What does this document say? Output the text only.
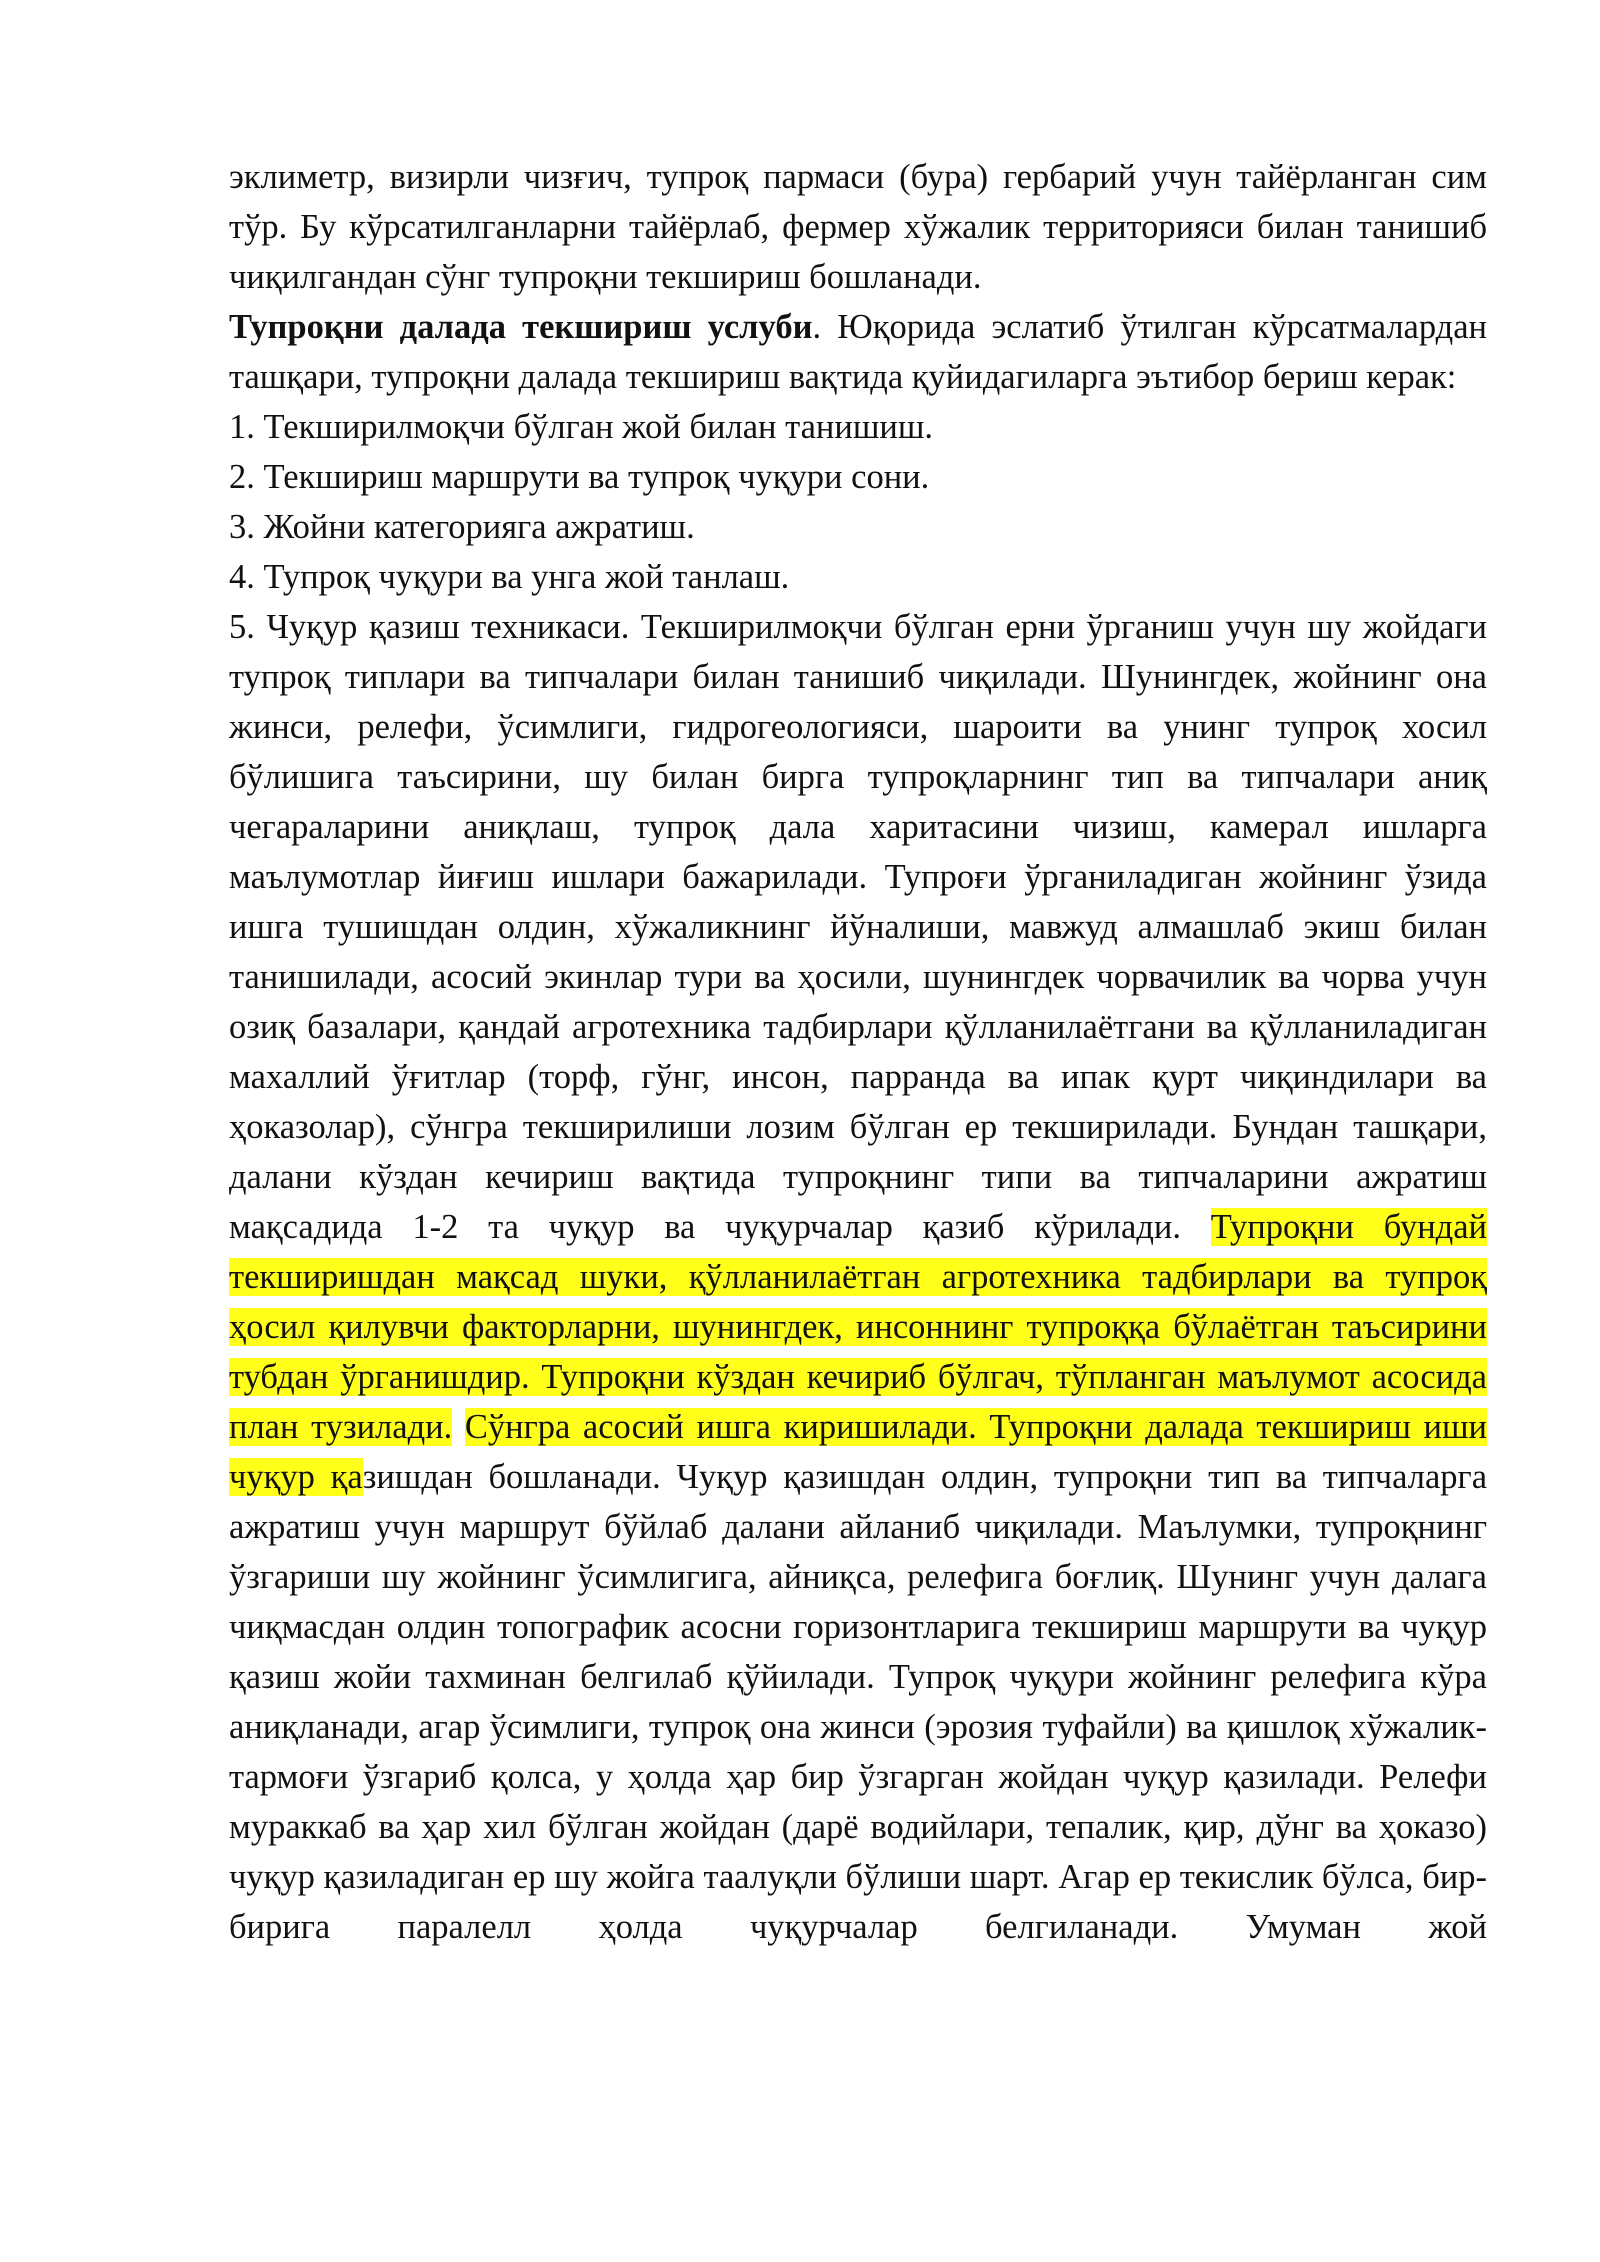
эклиметр, визирли чизғич, тупроқ пармаси (бура) гербарий учун тайёрланган сим тўр. Бу кўрсатилганларни тайёрлаб, фермер хўжалик территорияси билан танишиб чиқилгандан сўнг тупроқни текшириш бошланади.

Тупроқни далада текшириш услуби. Юқорида эслатиб ўтилган кўрсатмалардан ташқари, тупроқни далада текшириш вақтида қуйидагиларга эътибор бериш керак:

1. Текширилмоқчи бўлган жой билан танишиш.

2. Текшириш маршрути ва тупроқ чуқури сони.

3. Жойни категорияга ажратиш.

4. Тупроқ чуқури ва унга жой танлаш.

5. Чуқур қазиш техникаси. Текширилмоқчи бўлган ерни ўрганиш учун шу жойдаги тупроқ типлари ва типчалари билан танишиб чиқилади. Шунингдек, жойнинг она жинси, релефи, ўсимлиги, гидрогеологияси, шароити ва унинг тупроқ хосил бўлишига таъсирини, шу билан бирга тупроқларнинг тип ва типчалари аниқ чегараларини аниқлаш, тупроқ дала харитасини чизиш, камерал ишларга маълумотлар йиғиш ишлари бажарилади. Тупроғи ўрганиладиган жойнинг ўзида ишга тушишдан олдин, хўжаликнинг йўналиши, мавжуд алмашлаб экиш билан танишилади, асосий экинлар тури ва ҳосили, шунингдек чорвачилик ва чорва учун озиқ базалари, қандай агротехника тадбирлари қўлланилаётгани ва қўлланиладиган махаллий ўғитлар (торф, гўнг, инсон, парранда ва ипак қурт чиқиндилари ва ҳоказолар), сўнгра текширилиши лозим бўлган ер текширилади. Бундан ташқари, далани кўздан кечириш вақтида тупроқнинг типи ва типчаларини ажратиш мақсадида 1-2 та чуқур ва чуқурчалар қазиб кўрилади. Тупроқни бундай текширишдан мақсад шуки, қўлланилаётган агротехника тадбирлари ва тупроқ ҳосил қилувчи факторларни, шунингдек, инсоннинг тупроққа бўлаётган таъсирини тубдан ўрганишдир. Тупроқни кўздан кечириб бўлгач, тўпланган маълумот асосида план тузилади. Сўнгра асосий ишга киришилади. Тупроқни далада текшириш иши чуқур қазишдан бошланади. Чуқур қазишдан олдин, тупроқни тип ва типчаларга ажратиш учун маршрут бўйлаб далани айланиб чиқилади. Маълумки, тупроқнинг ўзгариши шу жойнинг ўсимлигига, айниқса, релефига боғлиқ. Шунинг учун далага чиқмасдан олдин топографик асосни горизонтларига текшириш маршрути ва чуқур қазиш жойи тахминан белгилаб қўйилади. Тупроқ чуқури жойнинг релефига кўра аниқланади, агар ўсимлиги, тупроқ она жинси (эрозия туфайли) ва қишлоқ хўжалик-тармоғи ўзгариб қолса, у ҳолда ҳар бир ўзгарган жойдан чуқур қазилади. Релефи мураккаб ва ҳар хил бўлган жойдан (дарё водийлари, тепалик, қир, дўнг ва ҳоказо) чуқур қазиладиган ер шу жойга таалуқли бўлиши шарт. Агар ер текислик бўлса, бир-бирига паралелл ҳолда чуқурчалар белгиланади. Умуман жой
